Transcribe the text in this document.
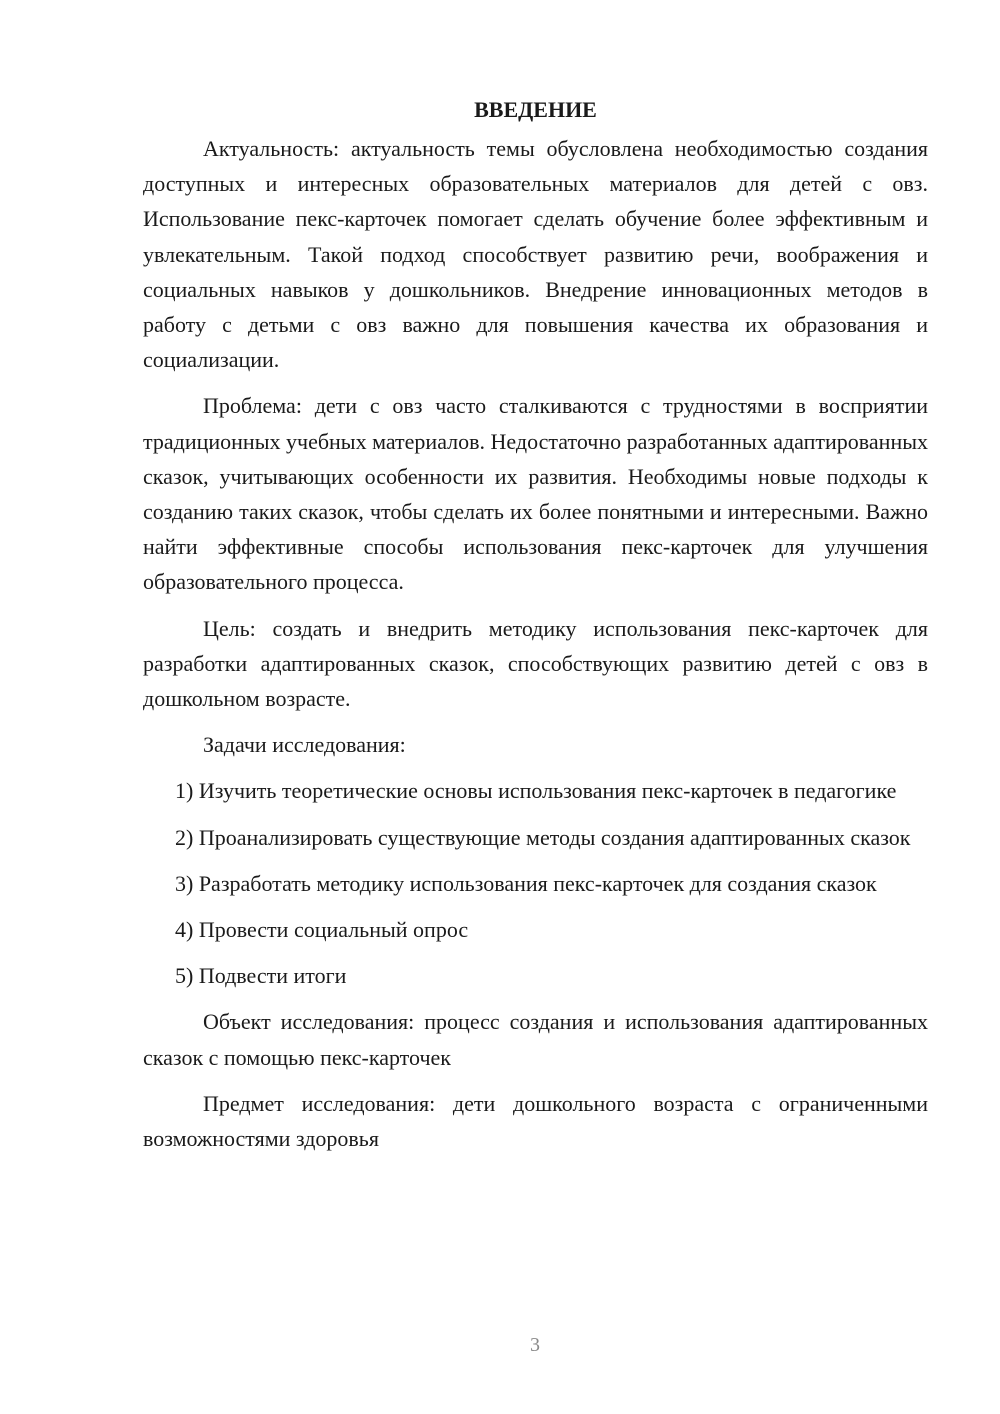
ВВЕДЕНИЕ

Актуальность: актуальность темы обусловлена необходимостью создания доступных и интересных образовательных материалов для детей с овз. Использование пекс-карточек помогает сделать обучение более эффективным и увлекательным. Такой подход способствует развитию речи, воображения и социальных навыков у дошкольников. Внедрение инновационных методов в работу с детьми с овз важно для повышения качества их образования и социализации.

Проблема: дети с овз часто сталкиваются с трудностями в восприятии традиционных учебных материалов. Недостаточно разработанных адаптированных сказок, учитывающих особенности их развития. Необходимы новые подходы к созданию таких сказок, чтобы сделать их более понятными и интересными. Важно найти эффективные способы использования пекс-карточек для улучшения образовательного процесса.

Цель: создать и внедрить методику использования пекс-карточек для разработки адаптированных сказок, способствующих развитию детей с овз в дошкольном возрасте.

Задачи исследования:

1) Изучить теоретические основы использования пекс-карточек в педагогике

2) Проанализировать существующие методы создания адаптированных сказок

3) Разработать методику использования пекс-карточек для создания сказок

4) Провести социальный опрос

5) Подвести итоги

Объект исследования: процесс создания и использования адаптированных сказок с помощью пекс-карточек

Предмет исследования: дети дошкольного возраста с ограниченными возможностями здоровья

3
